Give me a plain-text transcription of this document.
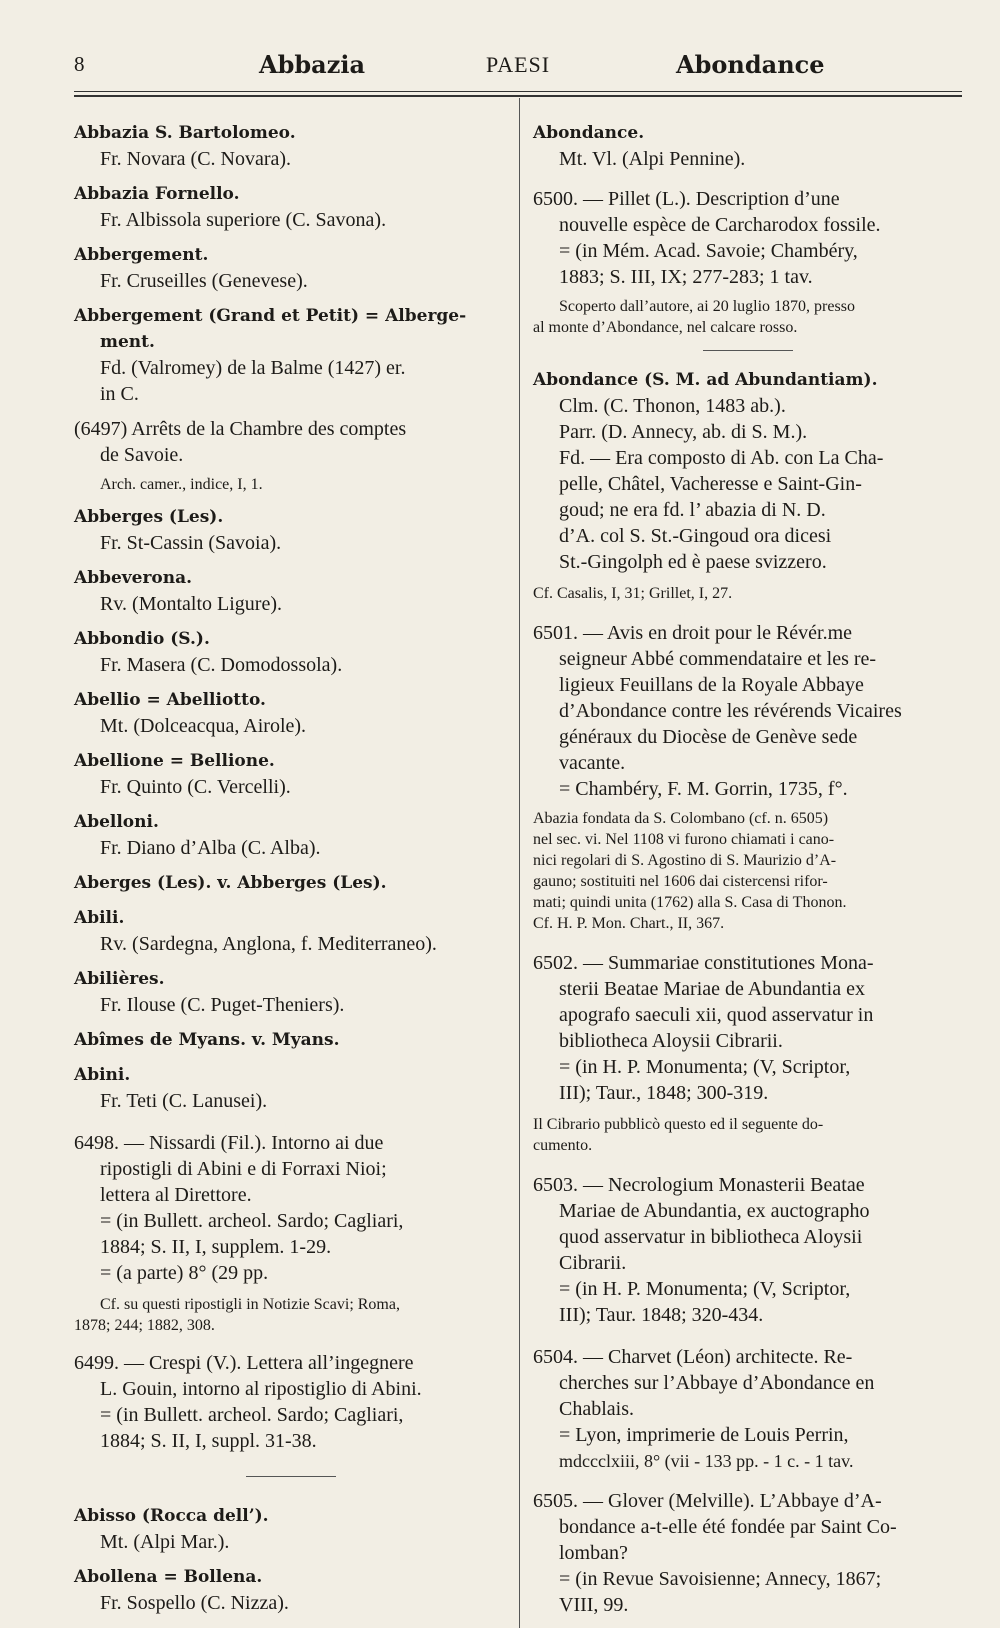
8	Abbazia	PAESI	Abondance
Abbazia S. Bartolomeo.
Fr. Novara (C. Novara).
Abbazia Fornello.
Fr. Albissola superiore (C. Savona).
Abbergement.
Fr. Cruseilles (Genevese).
Abbergement (Grand et Petit) = Alberge-
ment.
Fd. (Valromey) de la Balme (1427) er.
in C.
(6497) Arrêts de la Chambre des comptes
de Savoie.
Arch. camer., indice, I, 1.
Abberges (Les).
Fr. St-Cassin (Savoia).
Abbeverona.
Rv. (Montalto Ligure).
Abbondio (S.).
Fr. Masera (C. Domodossola).
Abellio = Abelliotto.
Mt. (Dolceacqua, Airole).
Abellione = Bellione.
Fr. Quinto (C. Vercelli).
Abelloni.
Fr. Diano d’Alba (C. Alba).
Aberges (Les). v. Abberges (Les).
Abili.
Rv. (Sardegna, Anglona, f. Mediterraneo).
Abilières.
Fr. Ilouse (C. Puget-Theniers).
Abîmes de Myans. v. Myans.
Abini.
Fr. Teti (C. Lanusei).
6498. — Nissardi (Fil.). Intorno ai due
ripostigli di Abini e di Forraxi Nioi;
lettera al Direttore.
= (in Bullett. archeol. Sardo; Cagliari,
1884; S. II, I, supplem. 1-29.
= (a parte) 8° (29 pp.
Cf. su questi ripostigli in Notizie Scavi; Roma,
1878; 244; 1882, 308.
6499. — Crespi (V.). Lettera all’ingegnere
L. Gouin, intorno al ripostiglio di Abini.
= (in Bullett. archeol. Sardo; Cagliari,
1884; S. II, I, suppl. 31-38.
Abisso (Rocca dell’).
Mt. (Alpi Mar.).
Abollena = Bollena.
Fr. Sospello (C. Nizza).
Abondance.
Mt. Vl. (Alpi Pennine).
6500. — Pillet (L.). Description d’une
nouvelle espèce de Carcharodox fossile.
= (in Mém. Acad. Savoie; Chambéry,
1883; S. III, IX; 277-283; 1 tav.
Scoperto dall’autore, ai 20 luglio 1870, presso
al monte d’Abondance, nel calcare rosso.
Abondance (S. M. ad Abundantiam).
Clm. (C. Thonon, 1483 ab.).
Parr. (D. Annecy, ab. di S. M.).
Fd. — Era composto di Ab. con La Cha-
pelle, Châtel, Vacheresse e Saint-Gin-
goud; ne era fd. l’ abazia di N. D.
d’A. col S. St.-Gingoud ora dicesi
St.-Gingolph ed è paese svizzero.
Cf. Casalis, I, 31; Grillet, I, 27.
6501. — Avis en droit pour le Révér.me
seigneur Abbé commendataire et les re-
ligieux Feuillans de la Royale Abbaye
d’Abondance contre les révérends Vicaires
généraux du Diocèse de Genève sede
vacante.
= Chambéry, F. M. Gorrin, 1735, f°.
Abazia fondata da S. Colombano (cf. n. 6505)
nel sec. vi. Nel 1108 vi furono chiamati i cano-
nici regolari di S. Agostino di S. Maurizio d’A-
gauno; sostituiti nel 1606 dai cistercensi rifor-
mati; quindi unita (1762) alla S. Casa di Thonon.
Cf. H. P. Mon. Chart., II, 367.
6502. — Summariae constitutiones Mona-
sterii Beatae Mariae de Abundantia ex
apografo saeculi xii, quod asservatur in
bibliotheca Aloysii Cibrarii.
= (in H. P. Monumenta; (V, Scriptor,
III); Taur., 1848; 300-319.
Il Cibrario pubblicò questo ed il seguente do-
cumento.
6503. — Necrologium Monasterii Beatae
Mariae de Abundantia, ex auctographo
quod asservatur in bibliotheca Aloysii
Cibrarii.
= (in H. P. Monumenta; (V, Scriptor,
III); Taur. 1848; 320-434.
6504. — Charvet (Léon) architecte. Re-
cherches sur l’Abbaye d’Abondance en
Chablais.
= Lyon, imprimerie de Louis Perrin,
mdccclxiii, 8° (vii - 133 pp. - 1 c. - 1 tav.
6505. — Glover (Melville). L’Abbaye d’A-
bondance a-t-elle été fondée par Saint Co-
lomban?
= (in Revue Savoisienne; Annecy, 1867;
VIII, 99.
